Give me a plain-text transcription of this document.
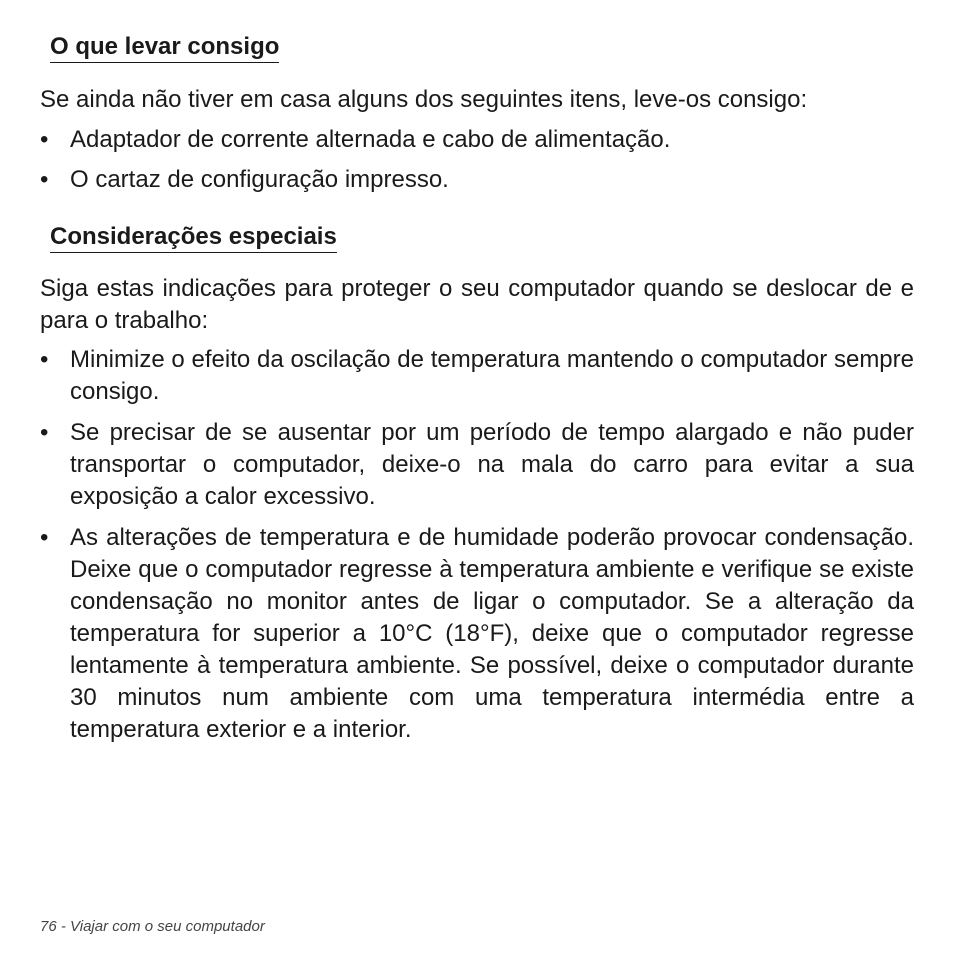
O que levar consigo

Se ainda não tiver em casa alguns dos seguintes itens, leve-os consigo:

• Adaptador de corrente alternada e cabo de alimentação.
• O cartaz de configuração impresso.
Considerações especiais

Siga estas indicações para proteger o seu computador quando se deslocar de e para o trabalho:

• Minimize o efeito da oscilação de temperatura mantendo o computador sempre consigo.
• Se precisar de se ausentar por um período de tempo alargado e não puder transportar o computador, deixe-o na mala do carro para evitar a sua exposição a calor excessivo.
• As alterações de temperatura e de humidade poderão provocar condensação. Deixe que o computador regresse à temperatura ambiente e verifique se existe condensação no monitor antes de ligar o computador. Se a alteração da temperatura for superior a 10°C (18°F), deixe que o computador regresse lentamente à temperatura ambiente. Se possível, deixe o computador durante 30 minutos num ambiente com uma temperatura intermédia entre a temperatura exterior e a interior.
76 - Viajar com o seu computador
